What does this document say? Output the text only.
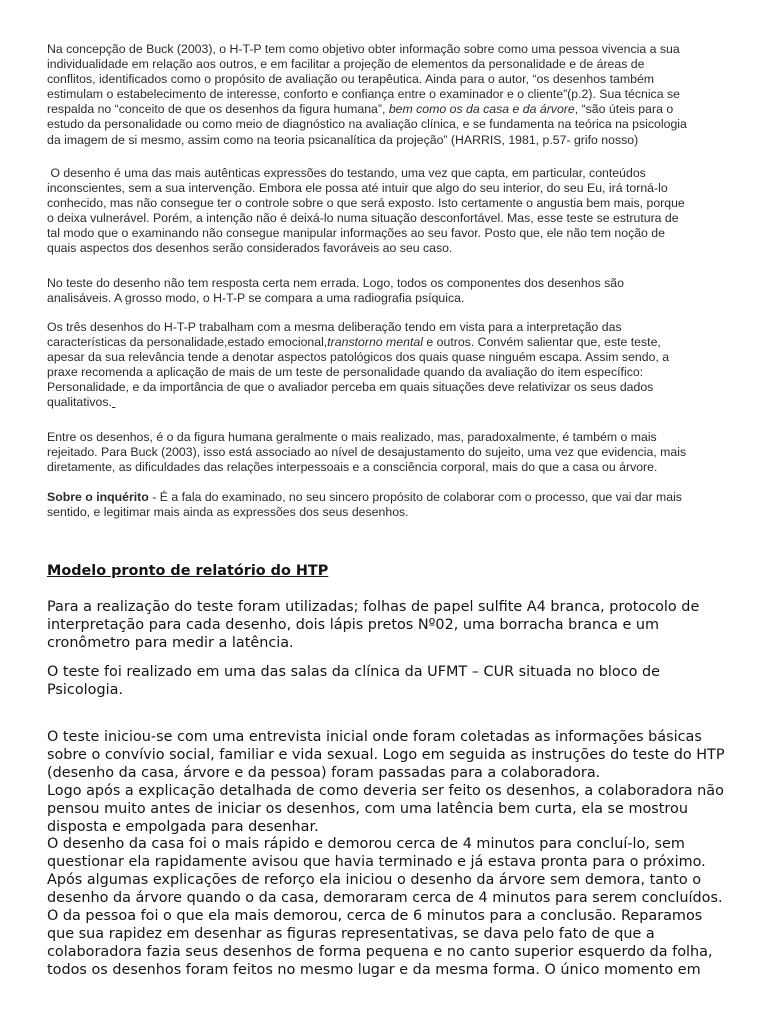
Na concepção de Buck (2003), o H-T-P tem como objetivo obter informação sobre como uma pessoa vivencia a sua
individualidade em relação aos outros, e em facilitar a projeção de elementos da personalidade e de áreas de
conflitos, identificados como o propósito de avaliação ou terapêutica. Ainda para o autor, “os desenhos também
estimulam o estabelecimento de interesse, conforto e confiança entre o examinador e o cliente”(p.2). Sua técnica se
respalda no “conceito de que os desenhos da figura humana”, bem como os da casa e da árvore, “são úteis para o
estudo da personalidade ou como meio de diagnóstico na avaliação clínica, e se fundamenta na teórica na psicologia
da imagem de si mesmo, assim como na teoria psicanalítica da projeção” (HARRIS, 1981, p.57- grifo nosso)

O desenho é uma das mais autênticas expressões do testando, uma vez que capta, em particular, conteúdos
inconscientes, sem a sua intervenção. Embora ele possa até intuir que algo do seu interior, do seu Eu, irá torná-lo
conhecido, mas não consegue ter o controle sobre o que será exposto. Isto certamente o angustia bem mais, porque
o deixa vulnerável. Porém, a intenção não é deixá-lo numa situação desconfortável. Mas, esse teste se estrutura de
tal modo que o examinando não consegue manipular informações ao seu favor. Posto que, ele não tem noção de
quais aspectos dos desenhos serão considerados favoráveis ao seu caso.

No teste do desenho não tem resposta certa nem errada. Logo, todos os componentes dos desenhos são
analisáveis. A grosso modo, o H-T-P se compara a uma radiografia psíquica.

Os três desenhos do H-T-P trabalham com a mesma deliberação tendo em vista para a interpretação das
características da personalidade,estado emocional,transtorno mental e outros. Convém salientar que, este teste,
apesar da sua relevância tende a denotar aspectos patológicos dos quais quase ninguém escapa. Assim sendo, a
praxe recomenda a aplicação de mais de um teste de personalidade quando da avaliação do item específico:
Personalidade, e da importância de que o avaliador perceba em quais situações deve relativizar os seus dados
qualitativos.

Entre os desenhos, é o da figura humana geralmente o mais realizado, mas, paradoxalmente, é também o mais
rejeitado. Para Buck (2003), isso está associado ao nível de desajustamento do sujeito, uma vez que evidencia, mais
diretamente, as dificuldades das relações interpessoais e a consciência corporal, mais do que a casa ou árvore.

Sobre o inquérito - É a fala do examinado, no seu sincero propósito de colaborar com o processo, que vai dar mais
sentido, e legitimar mais ainda as expressões dos seus desenhos.

Modelo pronto de relatório do HTP

Para a realização do teste foram utilizadas; folhas de papel sulfite A4 branca, protocolo de
interpretação para cada desenho, dois lápis pretos Nº02, uma borracha branca e um
cronômetro para medir a latência.

O teste foi realizado em uma das salas da clínica da UFMT – CUR situada no bloco de
Psicologia.

O teste iniciou-se com uma entrevista inicial onde foram coletadas as informações básicas
sobre o convívio social, familiar e vida sexual. Logo em seguida as instruções do teste do HTP
(desenho da casa, árvore e da pessoa) foram passadas para a colaboradora.
Logo após a explicação detalhada de como deveria ser feito os desenhos, a colaboradora não
pensou muito antes de iniciar os desenhos, com uma latência bem curta, ela se mostrou
disposta e empolgada para desenhar.
O desenho da casa foi o mais rápido e demorou cerca de 4 minutos para concluí-lo, sem
questionar ela rapidamente avisou que havia terminado e já estava pronta para o próximo.
Após algumas explicações de reforço ela iniciou o desenho da árvore sem demora, tanto o
desenho da árvore quando o da casa, demoraram cerca de 4 minutos para serem concluídos.
O da pessoa foi o que ela mais demorou, cerca de 6 minutos para a conclusão. Reparamos
que sua rapidez em desenhar as figuras representativas, se dava pelo fato de que a
colaboradora fazia seus desenhos de forma pequena e no canto superior esquerdo da folha,
todos os desenhos foram feitos no mesmo lugar e da mesma forma. O único momento em
